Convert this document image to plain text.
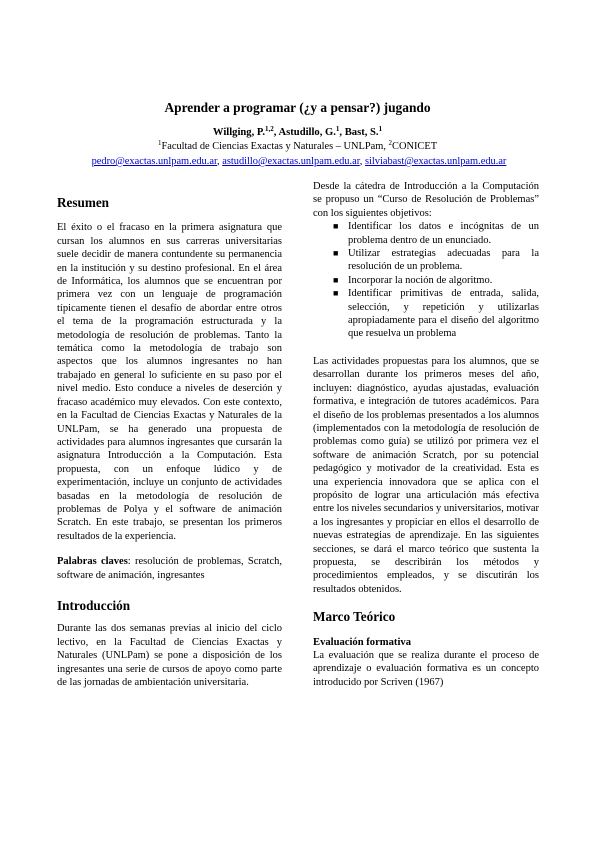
Aprender a programar (¿y a pensar?) jugando
Willging, P.$^{1,2}$, Astudillo, G.$^1$, Bast, S.$^1$
$^1$Facultad de Ciencias Exactas y Naturales – UNLPam, $^2$CONICET
pedro@exactas.unlpam.edu.ar, astudillo@exactas.unlpam.edu.ar, silviabast@exactas.unlpam.edu.ar

Resumen

El éxito o el fracaso en la primera asignatura que cursan los alumnos en sus carreras universitarias suele decidir de manera contundente su permanencia en la institución y su destino profesional. En el área de Informática, los alumnos que se encuentran por primera vez con un lenguaje de programación típicamente tienen el desafío de abordar entre otros el tema de la programación estructurada y la metodología de resolución de problemas. Tanto la temática como la metodología de trabajo son aspectos que los alumnos ingresantes no han trabajado en general lo suficiente en su paso por el nivel medio. Esto conduce a niveles de deserción y fracaso académico muy elevados. Con este contexto, en la Facultad de Ciencias Exactas y Naturales de la UNLPam, se ha generado una propuesta de actividades para alumnos ingresantes que cursarán la asignatura Introducción a la Computación. Esta propuesta, con un enfoque lúdico y de experimentación, incluye un conjunto de actividades basadas en la metodología de resolución de problemas de Polya y el software de animación Scratch. En este trabajo, se presentan los primeros resultados de la experiencia.

Palabras claves: resolución de problemas, Scratch, software de animación, ingresantes

Introducción

Durante las dos semanas previas al inicio del ciclo lectivo, en la Facultad de Ciencias Exactas y Naturales (UNLPam) se pone a disposición de los ingresantes una serie de cursos de apoyo como parte de las jornadas de ambientación universitaria.

Desde la cátedra de Introducción a la Computación se propuso un “Curso de Resolución de Problemas” con los siguientes objetivos:

■ Identificar los datos e incógnitas de un problema dentro de un enunciado.
■ Utilizar estrategias adecuadas para la resolución de un problema.
■ Incorporar la noción de algoritmo.
■ Identificar primitivas de entrada, salida, selección, y repetición y utilizarlas apropiadamente para el diseño del algoritmo que resuelva un problema

Las actividades propuestas para los alumnos, que se desarrollan durante los primeros meses del año, incluyen: diagnóstico, ayudas ajustadas, evaluación formativa, e integración de tutores académicos. Para el diseño de los problemas presentados a los alumnos (implementados con la metodología de resolución de problemas como guía) se utilizó por primera vez el software de animación Scratch, por su potencial pedagógico y motivador de la creatividad. Esta es una experiencia innovadora que se aplica con el propósito de lograr una articulación más efectiva entre los niveles secundarios y universitarios, motivar a los ingresantes y propiciar en ellos el desarrollo de nuevas estrategias de aprendizaje. En las siguientes secciones, se dará el marco teórico que sustenta la propuesta, se describirán los métodos y procedimientos empleados, y se discutirán los resultados obtenidos.

Marco Teórico

Evaluación formativa

La evaluación que se realiza durante el proceso de aprendizaje o evaluación formativa es un concepto introducido por Scriven (1967)
